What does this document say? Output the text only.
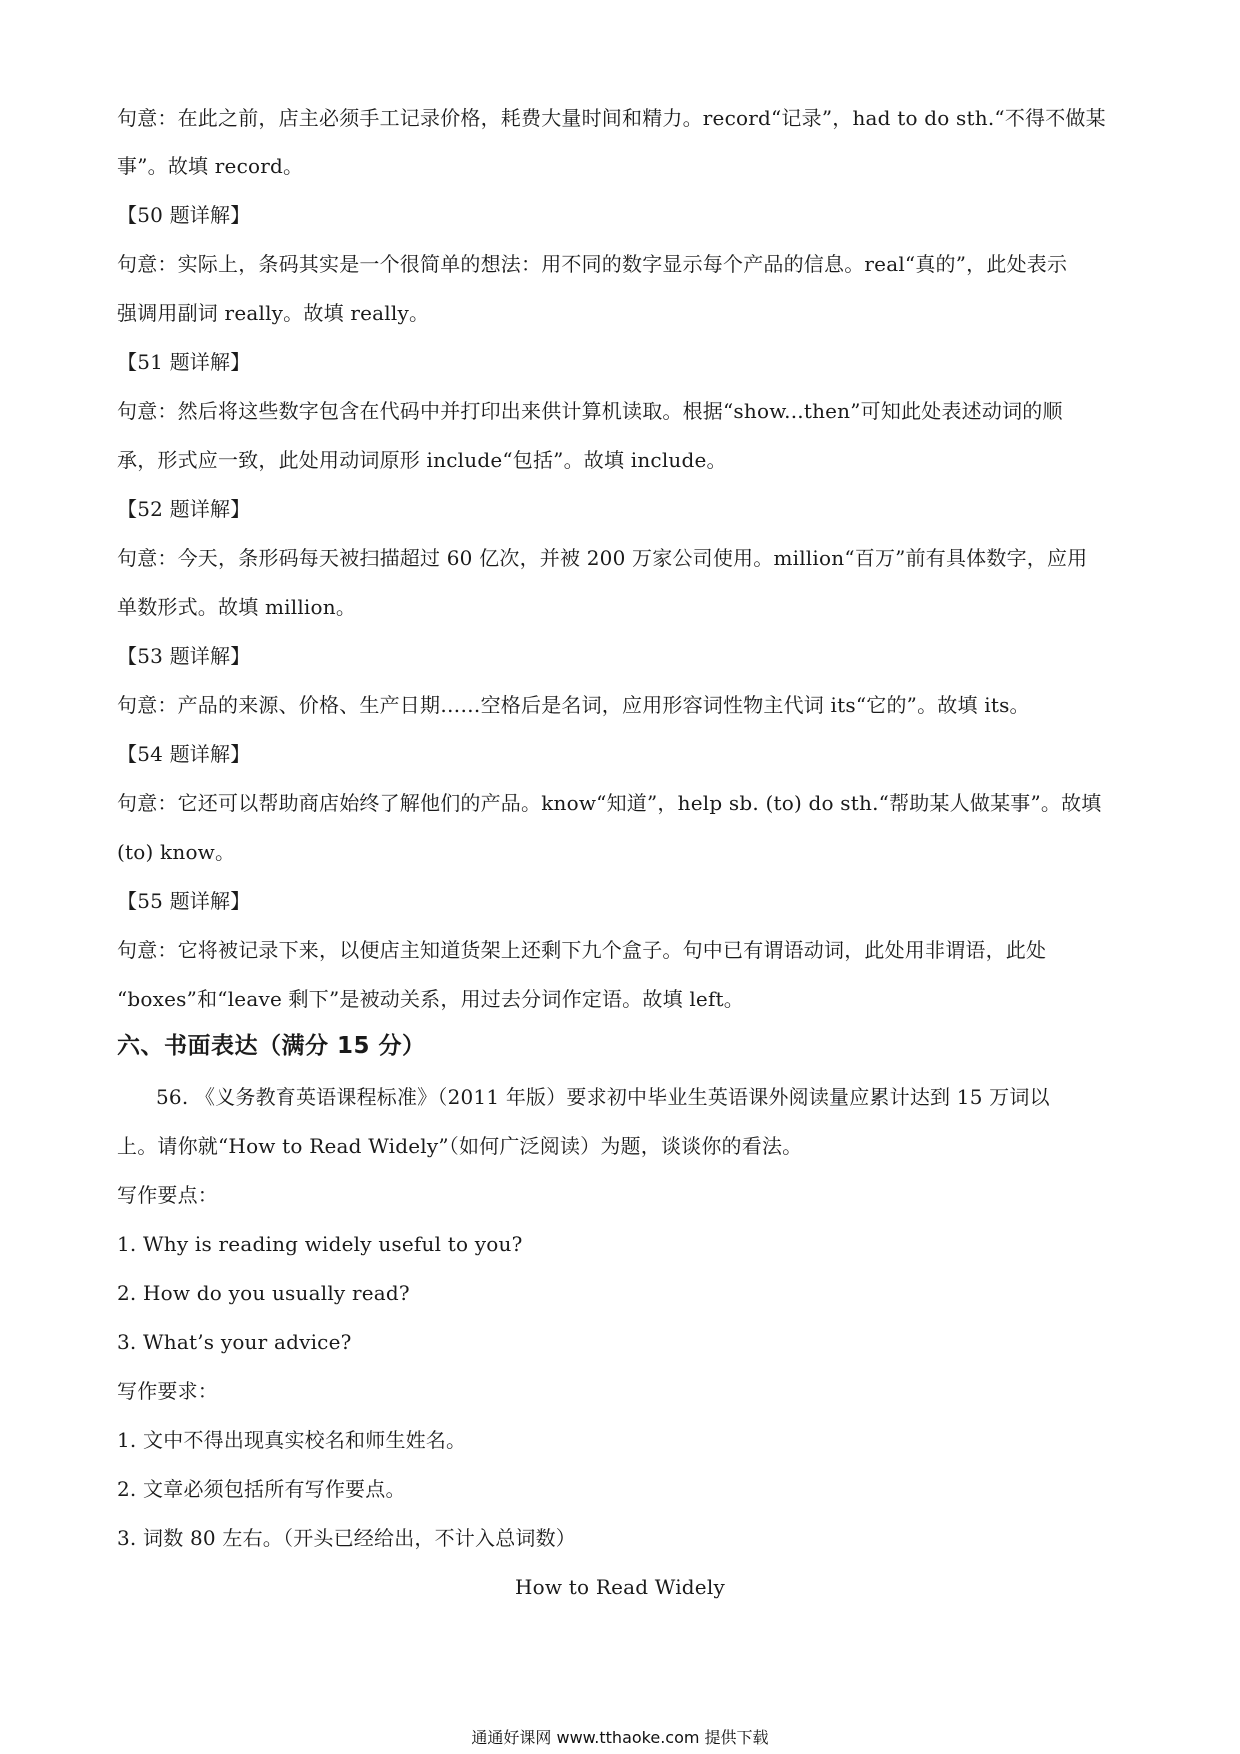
句意：在此之前，店主必须手工记录价格，耗费大量时间和精力。record“记录”，had to do sth.“不得不做某
事”。故填 record。
【50 题详解】
句意：实际上，条码其实是一个很简单的想法：用不同的数字显示每个产品的信息。real“真的”，此处表示
强调用副词 really。故填 really。
【51 题详解】
句意：然后将这些数字包含在代码中并打印出来供计算机读取。根据“show...then”可知此处表述动词的顺
承，形式应一致，此处用动词原形 include“包括”。故填 include。
【52 题详解】
句意：今天，条形码每天被扫描超过 60 亿次，并被 200 万家公司使用。million“百万”前有具体数字，应用
单数形式。故填 million。
【53 题详解】
句意：产品的来源、价格、生产日期……空格后是名词，应用形容词性物主代词 its“它的”。故填 its。
【54 题详解】
句意：它还可以帮助商店始终了解他们的产品。know“知道”，help sb. (to) do sth.“帮助某人做某事”。故填
(to) know。
【55 题详解】
句意：它将被记录下来，以便店主知道货架上还剩下九个盒子。句中已有谓语动词，此处用非谓语，此处
“boxes”和“leave 剩下”是被动关系，用过去分词作定语。故填 left。
六、书面表达（满分 15 分）
56. 《义务教育英语课程标准》（2011 年版）要求初中毕业生英语课外阅读量应累计达到 15 万词以
上。请你就“How to Read Widely”（如何广泛阅读）为题，谈谈你的看法。
写作要点：
1. Why is reading widely useful to you?
2. How do you usually read?
3. What’s your advice?
写作要求：
1. 文中不得出现真实校名和师生姓名。
2. 文章必须包括所有写作要点。
3. 词数 80 左右。（开头已经给出，不计入总词数）
How to Read Widely
通通好课网 www.tthaoke.com 提供下载
